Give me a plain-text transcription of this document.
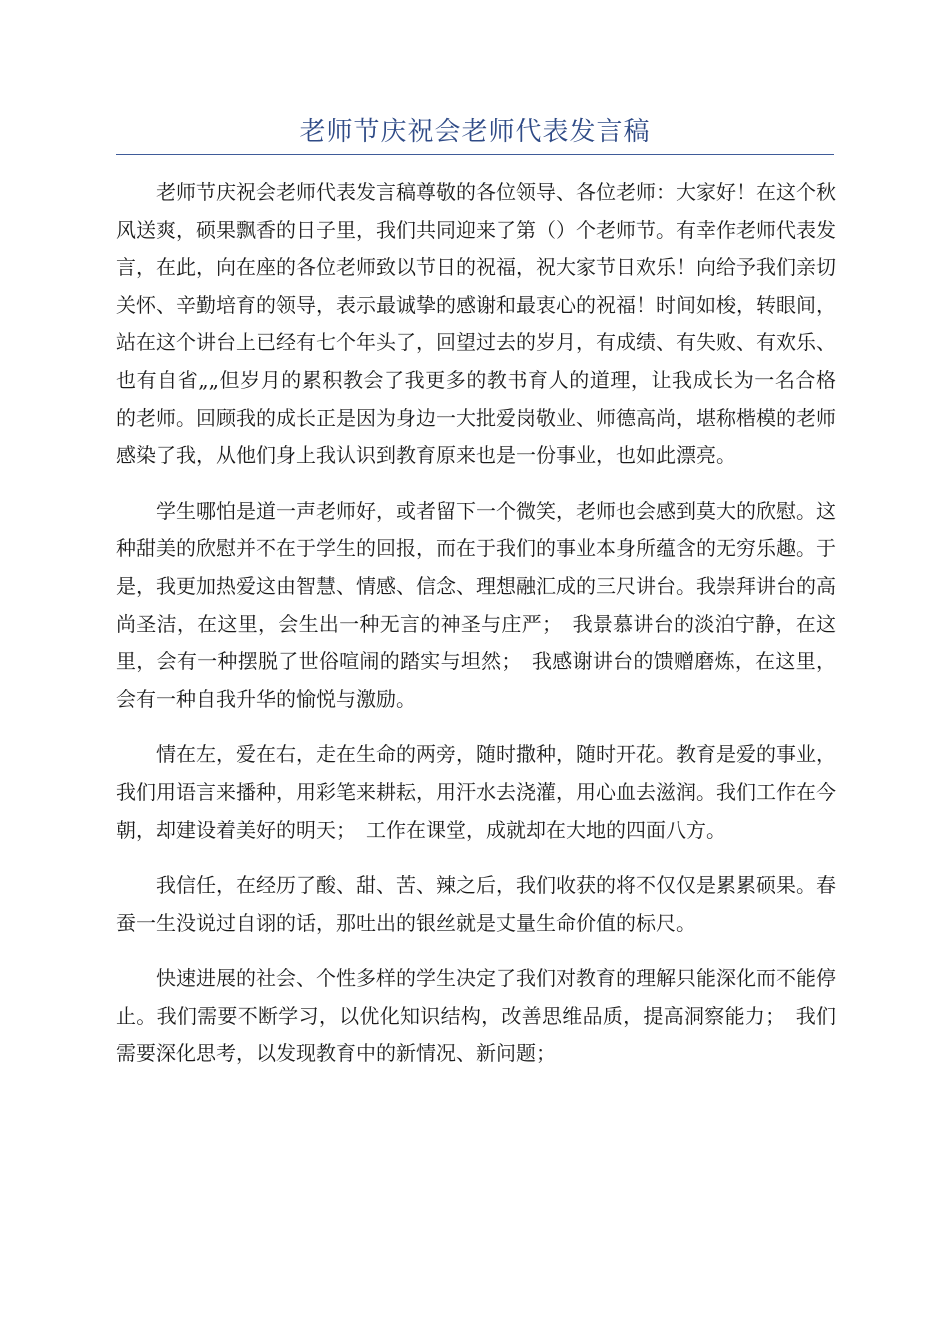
老师节庆祝会老师代表发言稿

老师节庆祝会老师代表发言稿尊敬的各位领导、各位老师：大家好！在这个秋风送爽，硕果飘香的日子里，我们共同迎来了第（）个老师节。有幸作老师代表发言，在此，向在座的各位老师致以节日的祝福，祝大家节日欢乐！向给予我们亲切关怀、辛勤培育的领导，表示最诚挚的感谢和最衷心的祝福！时间如梭，转眼间，站在这个讲台上已经有七个年头了，回望过去的岁月，有成绩、有失败、有欢乐、也有自省„„但岁月的累积教会了我更多的教书育人的道理，让我成长为一名合格的老师。回顾我的成长正是因为身边一大批爱岗敬业、师德高尚，堪称楷模的老师感染了我，从他们身上我认识到教育原来也是一份事业，也如此漂亮。

学生哪怕是道一声老师好，或者留下一个微笑，老师也会感到莫大的欣慰。这种甜美的欣慰并不在于学生的回报，而在于我们的事业本身所蕴含的无穷乐趣。于是，我更加热爱这由智慧、情感、信念、理想融汇成的三尺讲台。我崇拜讲台的高尚圣洁，在这里，会生出一种无言的神圣与庄严；　我景慕讲台的淡泊宁静，在这里，会有一种摆脱了世俗喧闹的踏实与坦然；　我感谢讲台的馈赠磨炼，在这里，会有一种自我升华的愉悦与激励。

情在左，爱在右，走在生命的两旁，随时撒种，随时开花。教育是爱的事业，我们用语言来播种，用彩笔来耕耘，用汗水去浇灌，用心血去滋润。我们工作在今朝，却建设着美好的明天；　工作在课堂，成就却在大地的四面八方。

我信任，在经历了酸、甜、苦、辣之后，我们收获的将不仅仅是累累硕果。春蚕一生没说过自诩的话，那吐出的银丝就是丈量生命价值的标尺。

快速进展的社会、个性多样的学生决定了我们对教育的理解只能深化而不能停止。我们需要不断学习，以优化知识结构，改善思维品质，提高洞察能力；　我们需要深化思考，以发现教育中的新情况、新问题；
